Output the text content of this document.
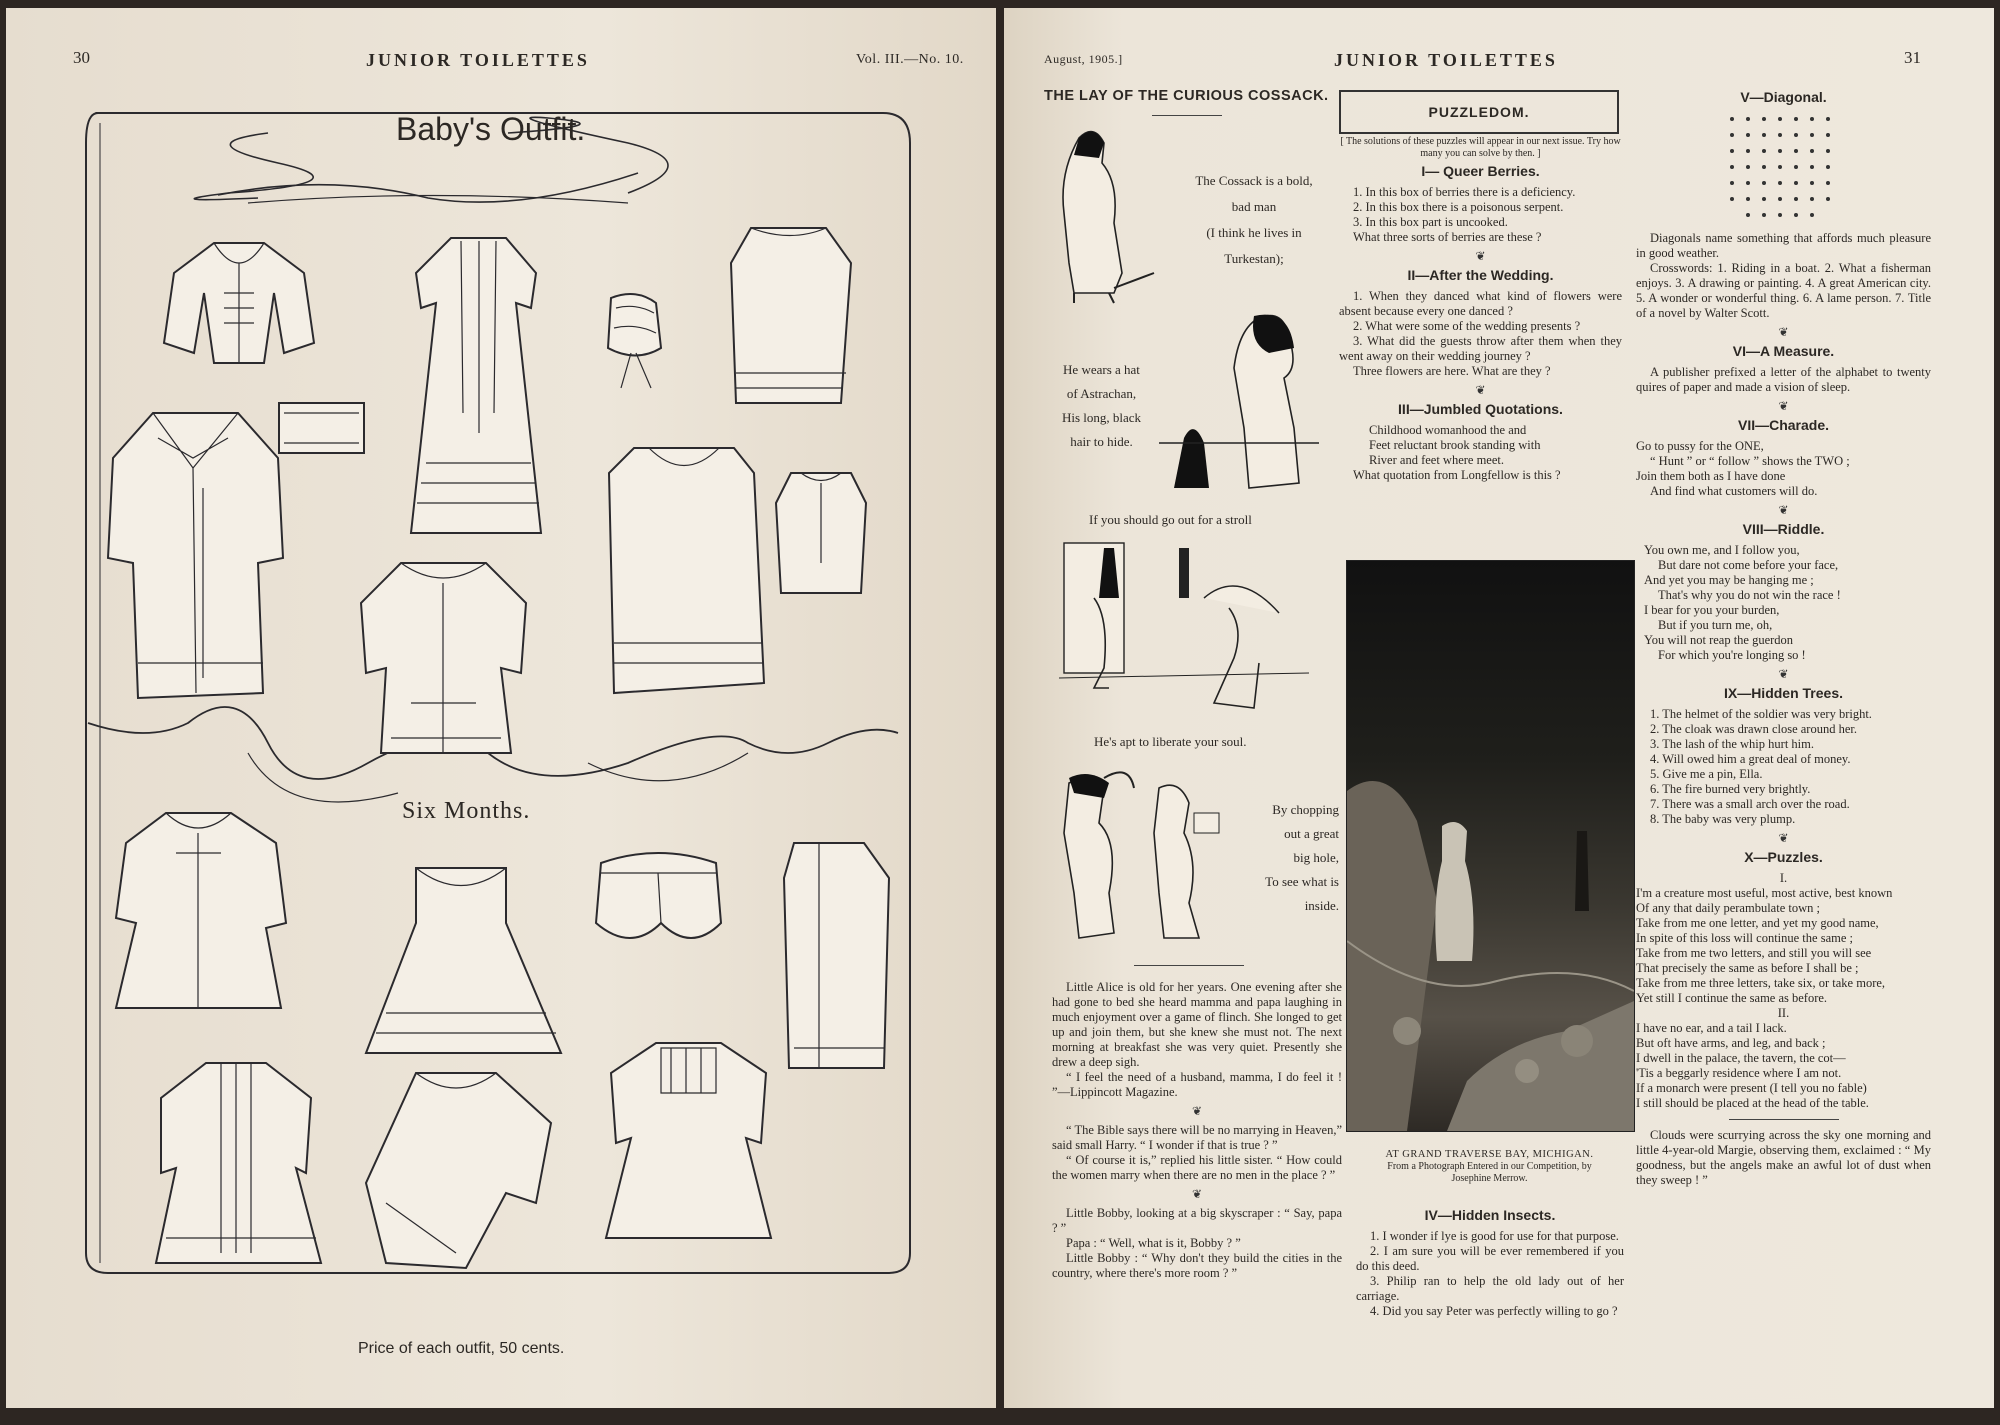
30	JUNIOR TOILETTES	Vol. III.—No. 10.
Baby's Outfit.
Six Months.
Price of each outfit, 50 cents.
August, 1905.]	JUNIOR TOILETTES	31
THE LAY OF THE CURIOUS COSSACK.
The Cossack is a bold,
bad man
(I think he lives in
Turkestan);
He wears a hat
of Astrachan,
His long, black
hair to hide.
If you should go out for a stroll
He's apt to liberate your soul.
By chopping
out a great
big hole,
To see what is
inside.

Little Alice is old for her years. One evening after she had gone to bed she heard mamma and papa laughing in much enjoyment over a game of flinch. She longed to get up and join them, but she knew she must not. The next morning at breakfast she was very quiet. Presently she drew a deep sigh.

“ I feel the need of a husband, mamma, I do feel it ! ”—Lippincott Magazine.

❦

“ The Bible says there will be no marrying in Heaven,” said small Harry. “ I wonder if that is true ? ”

“ Of course it is,” replied his little sister. “ How could the women marry when there are no men in the place ? ”

❦

Little Bobby, looking at a big skyscraper : “ Say, papa ? ”

Papa : “ Well, what is it, Bobby ? ”

Little Bobby : “ Why don't they build the cities in the country, where there's more room ? ”

PUZZLEDOM.

[ The solutions of these puzzles will appear in our next issue. Try how many you can solve by then. ]

I— Queer Berries.

1. In this box of berries there is a deficiency.

2. In this box there is a poisonous serpent.

3. In this box part is uncooked.

What three sorts of berries are these ?

❦
II—After the Wedding.

1. When they danced what kind of flowers were absent because every one danced ?

2. What were some of the wedding presents ?

3. What did the guests throw after them when they went away on their wedding journey ?

Three flowers are here. What are they ?

❦
III—Jumbled Quotations.

Childhood womanhood the and

Feet reluctant brook standing with

River and feet where meet.

What quotation from Longfellow is this ?

AT GRAND TRAVERSE BAY, MICHIGAN.
From a Photograph Entered in our Competition, by
Josephine Merrow.
IV—Hidden Insects.

1. I wonder if lye is good for use for that purpose.

2. I am sure you will be ever remembered if you do this deed.

3. Philip ran to help the old lady out of her carriage.

4. Did you say Peter was perfectly willing to go ?

V—Diagonal.

Diagonals name something that affords much pleasure in good weather.

Crosswords: 1. Riding in a boat. 2. What a fisherman enjoys. 3. A drawing or painting. 4. A great American city. 5. A wonder or wonderful thing. 6. A lame person. 7. Title of a novel by Walter Scott.

❦
VI—A Measure.

A publisher prefixed a letter of the alphabet to twenty quires of paper and made a vision of sleep.

❦
VII—Charade.

Go to pussy for the ONE,

“ Hunt ” or “ follow ” shows the TWO ;

Join them both as I have done

And find what customers will do.

❦
VIII—Riddle.

You own me, and I follow you,

But dare not come before your face,

And yet you may be hanging me ;

That's why you do not win the race !

I bear for you your burden,

But if you turn me, oh,

You will not reap the guerdon

For which you're longing so !

❦
IX—Hidden Trees.

1. The helmet of the soldier was very bright.

2. The cloak was drawn close around her.

3. The lash of the whip hurt him.

4. Will owed him a great deal of money.

5. Give me a pin, Ella.

6. The fire burned very brightly.

7. There was a small arch over the road.

8. The baby was very plump.

❦
X—Puzzles.
I.

I'm a creature most useful, most active, best known

Of any that daily perambulate town ;

Take from me one letter, and yet my good name,

In spite of this loss will continue the same ;

Take from me two letters, and still you will see

That precisely the same as before I shall be ;

Take from me three letters, take six, or take more,

Yet still I continue the same as before.

II.

I have no ear, and a tail I lack.

But oft have arms, and leg, and back ;

I dwell in the palace, the tavern, the cot—

'Tis a beggarly residence where I am not.

If a monarch were present (I tell you no fable)

I still should be placed at the head of the table.

Clouds were scurrying across the sky one morning and little 4-year-old Margie, observing them, exclaimed : “ My goodness, but the angels make an awful lot of dust when they sweep ! ”
